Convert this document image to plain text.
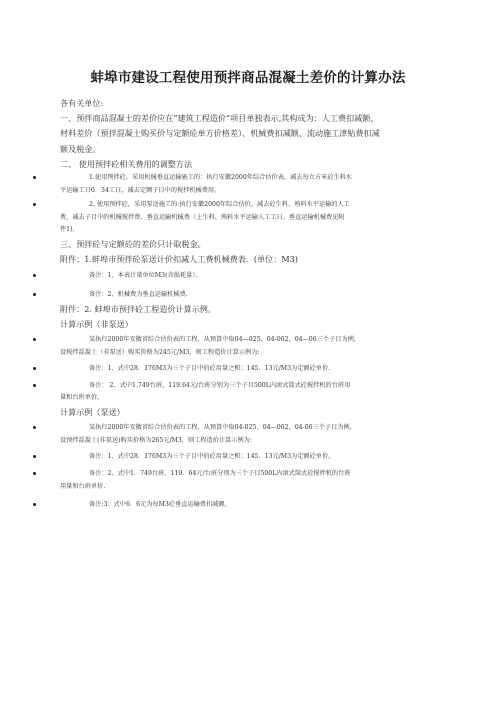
蚌埠市建设工程使用预拌商品混凝土差价的计算办法

各有关单位:

一、预拌商品混凝土的差价应在”建筑工程造价”项目单独表示,其构成为：人工费扣减额、

材料差价（预拌混凝土购买价与定额砼单方价格差）、机械费扣减额、流动施工津贴费扣减

额及税金。

二、 使用预拌砼相关费用的调整方法

1.使用预拌砼，采用机械垂直运输施工的：执行安徽2000年综合估价表，减去每立方米砼生料水
平运输工日0．34工日，减去定额子目中的搅拌机械费用。
2. 使用预拌砼，采用泵送施工的:执行安徽2000年综合估价，减去砼生料、熟料水平运输的人工
费，减去子目中的机械搅拌费、垂直运输机械费（上生料、熟料水平运输人工工日、垂直运输机械费见附
件1)。

三、预拌砼与定额砼的差价只计取税金。

附件：1.蚌埠市预拌砼泵送计价扣减人工费机械费表．(单位：M3)

备注：1、本表计量单位M3(含损耗量）。
备注：2、机械费为垂直运输机械费.

附件：2. 蚌埠市预拌砼工程造价计算示例。

计算示例（非泵送）

某执行2000年安徽省综合估价表的工程，从预算中取04—025、04-062、04—06三个子目为例，
设搅拌混凝土（非泵送）购买价格为245元/M3，则工程造价计算示例为:
备注：1、式中28．176M3为三个子目中的砼用量之和；145．13元/M3为定额砼单价.
备注： 2、式中1.749台班、119.64元/台班分别为三个子目500L内滚式筒式砼搅拌机的台班用
量和台班单价。

计算示例（泵送）

某执行2000年安徽省综合估价表的工程，从预算中取04-025、04—062、04-06三个子目为例，
设预拌混凝土(非泵送)购买价格为265元/M3，则工程造价计算示例为:
备注：1、式中28．176M3为三个子目中的砼用量之和；145．13元/M3为定额砼单价。
备注：2、式中1．749台班、119．64元/台班分别为三个子目500L内滚式筒式砼搅拌机的台班
用量和台班单价.
备注:3：式中6．6元为每M3砼垂直运输费扣减额。
